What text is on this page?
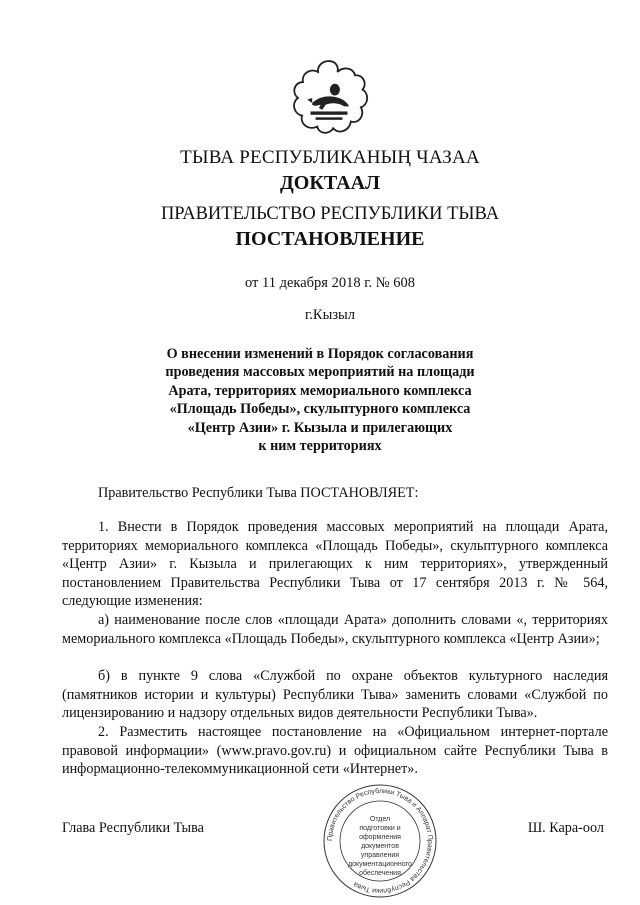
ТЫВА РЕСПУБЛИКАНЫҢ ЧАЗАА
ДОКТААЛ
ПРАВИТЕЛЬСТВО РЕСПУБЛИКИ ТЫВА
ПОСТАНОВЛЕНИЕ
от 11 декабря 2018 г. № 608
г.Кызыл
О внесении изменений в Порядок согласования
проведения массовых мероприятий на площади
Арата, территориях мемориального комплекса
«Площадь Победы», скульптурного комплекса
«Центр Азии» г. Кызыла и прилегающих
к ним территориях
Правительство Республики Тыва ПОСТАНОВЛЯЕТ:
1. Внести в Порядок проведения массовых мероприятий на площади Арата, территориях мемориального комплекса «Площадь Победы», скульптурного комплекса «Центр Азии» г. Кызыла и прилегающих к ним территориях», утвержденный постановлением Правительства Республики Тыва от 17 сентября 2013 г. № 564, следующие изменения:
а) наименование после слов «площади Арата» дополнить словами «, территориях мемориального комплекса «Площадь Победы», скульптурного комплекса «Центр Азии»;
б) в пункте 9 слова «Службой по охране объектов культурного наследия (памятников истории и культуры) Республики Тыва» заменить словами «Службой по лицензированию и надзору отдельных видов деятельности Республики Тыва».
2. Разместить настоящее постановление на «Официальном интернет-портале правовой информации» (www.pravo.gov.ru) и официальном сайте Республики Тыва в информационно-телекоммуникационной сети «Интернет».
Правительство Республики Тыва и Аппарат Правительства Республики Тыва
Отдел
подготовки и
оформления документов
управления
документационного
обеспечения
Глава Республики Тыва	Ш. Кара-оол
